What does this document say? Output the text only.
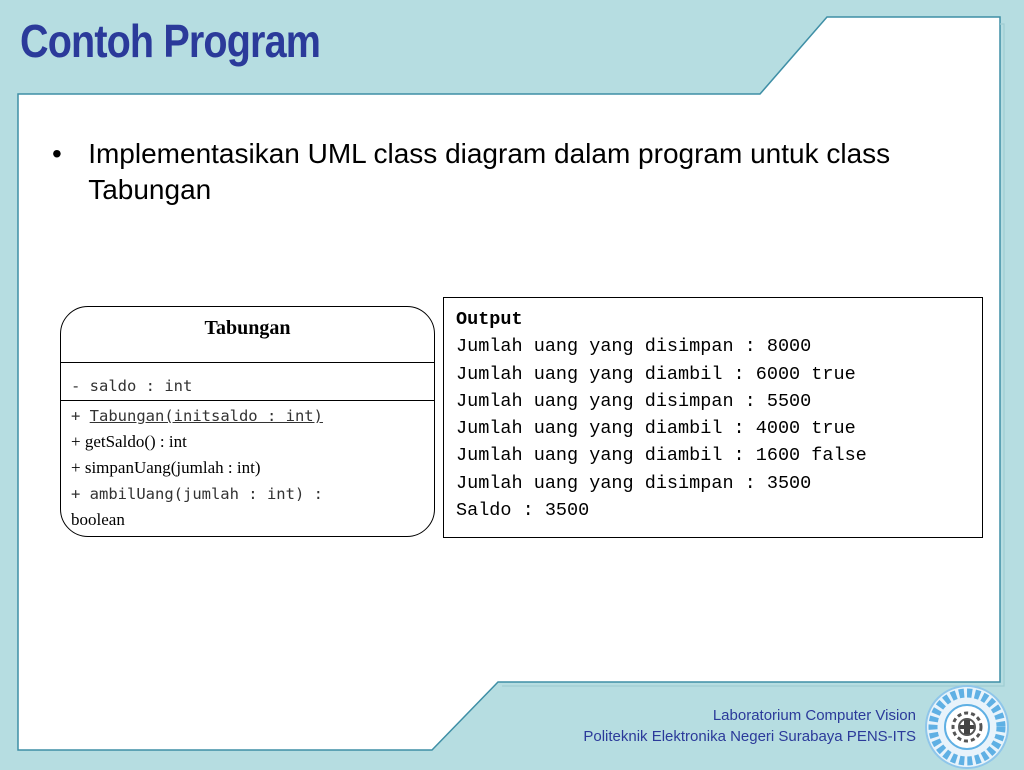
Contoh Program
• Implementasikan UML class diagram dalam program untuk class Tabungan
Tabungan
- saldo : int
+ Tabungan(initsaldo : int)
+ getSaldo() : int
+ simpanUang(jumlah : int)
+ ambilUang(jumlah : int) :
boolean
Output
Jumlah uang yang disimpan : 8000
Jumlah uang yang diambil : 6000 true
Jumlah uang yang disimpan : 5500
Jumlah uang yang diambil : 4000 true
Jumlah uang yang diambil : 1600 false
Jumlah uang yang disimpan : 3500
Saldo : 3500
Laboratorium Computer Vision
Politeknik Elektronika Negeri Surabaya PENS-ITS
